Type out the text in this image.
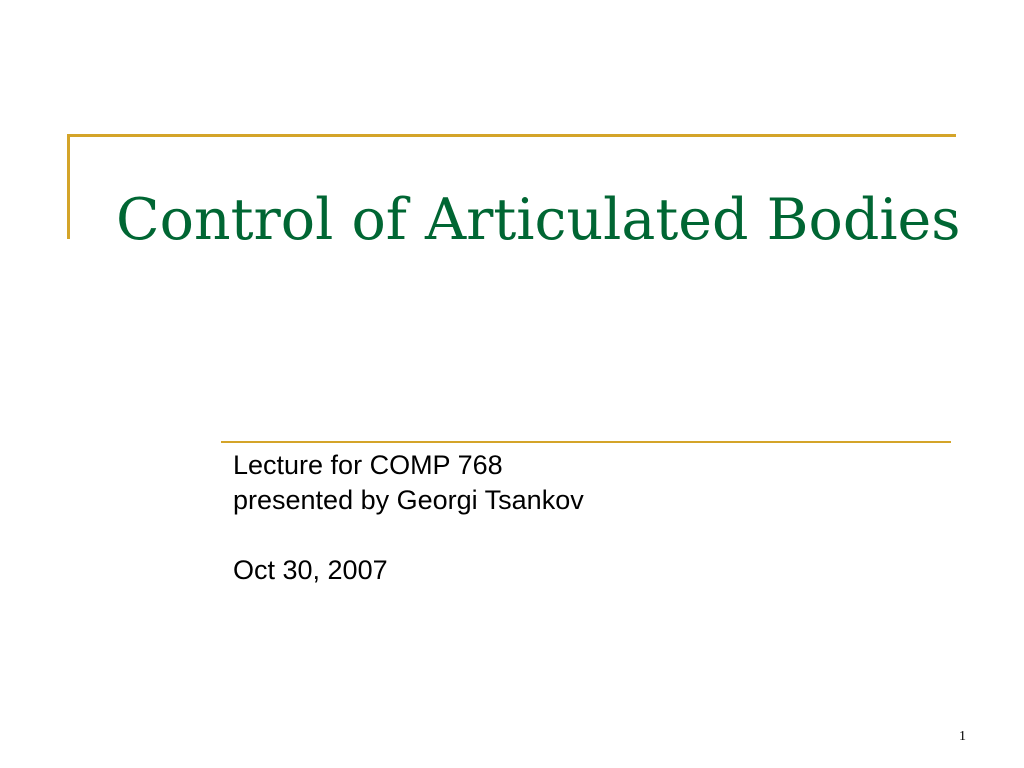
Control of Articulated Bodies
Lecture for COMP 768
presented by Georgi Tsankov
Oct 30, 2007
1
